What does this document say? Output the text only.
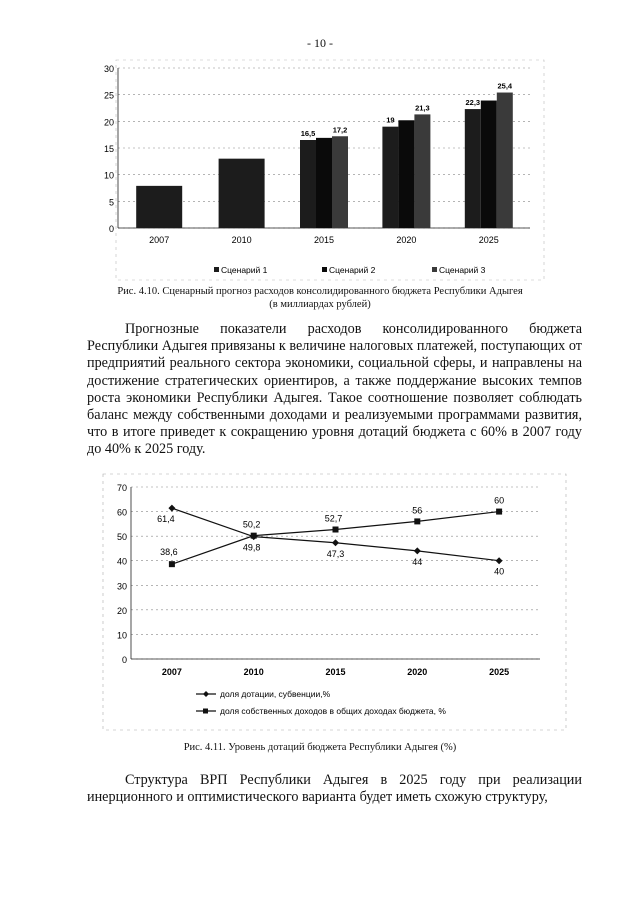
- 10 -
0
5
10
15
20
25
30
2007	2010
16,5 17,2
2015
19
21,3
2020
22,3
25,4
2025
Сценарий 1	Сценарий 2	Сценарий 3
Рис. 4.10. Сценарный прогноз расходов консолидированного бюджета Республики Адыгея
(в миллиардах рублей)

Прогнозные показатели расходов консолидированного бюджета Республики Адыгея привязаны к величине налоговых платежей, поступающих от предприятий реального сектора экономики, социальной сферы, и направлены на достижение стратегических ориентиров, а также поддержание высоких темпов роста экономики Республики Адыгея. Такое соотношение позволяет соблюдать баланс между собственными доходами и реализуемыми программами развития, что в итоге приведет к сокращению уровня дотаций бюджета с 60% в 2007 году до 40% к 2025 году.

0
10
20
30
40
50
60
70
2007	2010	2015	2020	2025
61,4
49,8
47,3
44
40
38,6
50,2
52,7
56
60
доля дотации, субвенции,%
доля собственных доходов в общих доходах бюджета, %
Рис. 4.11. Уровень дотаций бюджета Республики Адыгея (%)

Структура ВРП Республики Адыгея в 2025 году при реализации инерционного и оптимистического варианта будет иметь схожую структуру,
